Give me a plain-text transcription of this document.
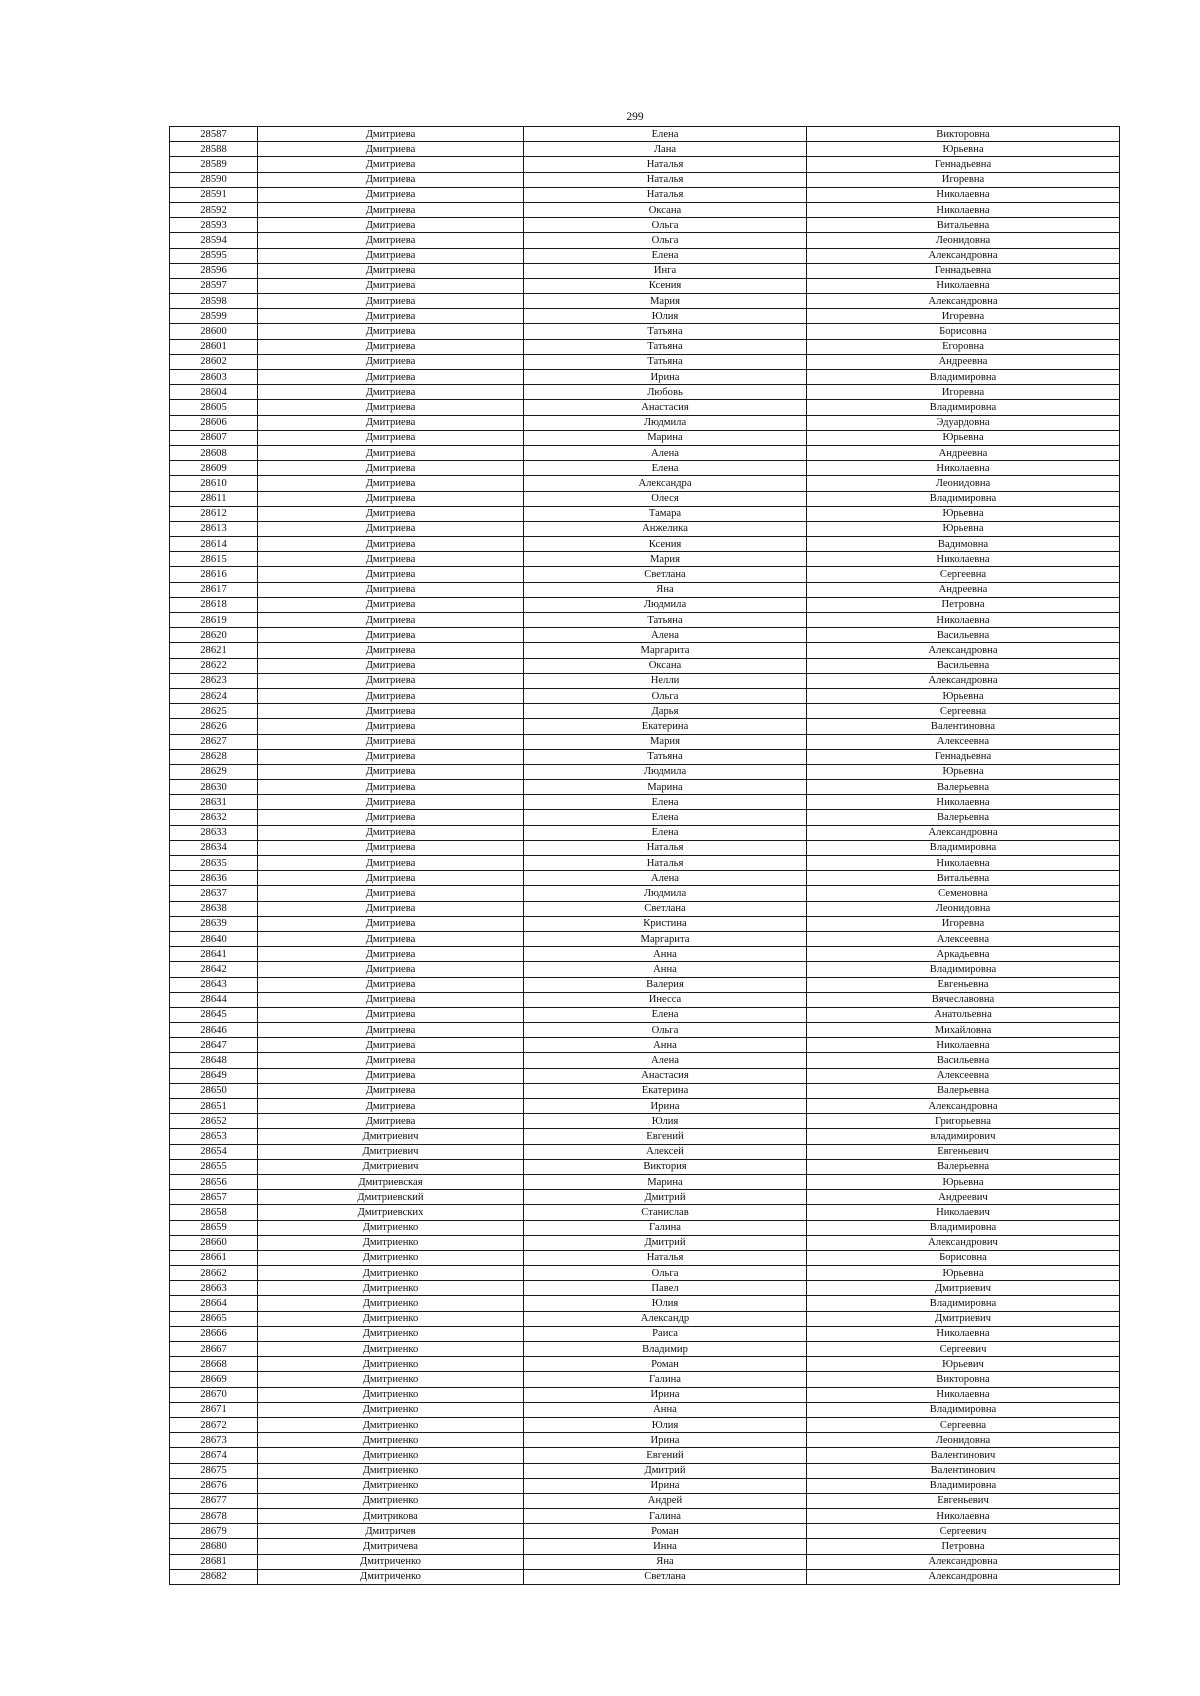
299
28587	Дмитриева	Елена	Викторовна
28588	Дмитриева	Лана	Юрьевна
28589	Дмитриева	Наталья	Геннадьевна
28590	Дмитриева	Наталья	Игоревна
28591	Дмитриева	Наталья	Николаевна
28592	Дмитриева	Оксана	Николаевна
28593	Дмитриева	Ольга	Витальевна
28594	Дмитриева	Ольга	Леонидовна
28595	Дмитриева	Елена	Александровна
28596	Дмитриева	Инга	Геннадьевна
28597	Дмитриева	Ксения	Николаевна
28598	Дмитриева	Мария	Александровна
28599	Дмитриева	Юлия	Игоревна
28600	Дмитриева	Татьяна	Борисовна
28601	Дмитриева	Татьяна	Егоровна
28602	Дмитриева	Татьяна	Андреевна
28603	Дмитриева	Ирина	Владимировна
28604	Дмитриева	Любовь	Игоревна
28605	Дмитриева	Анастасия	Владимировна
28606	Дмитриева	Людмила	Эдуардовна
28607	Дмитриева	Марина	Юрьевна
28608	Дмитриева	Алена	Андреевна
28609	Дмитриева	Елена	Николаевна
28610	Дмитриева	Александра	Леонидовна
28611	Дмитриева	Олеся	Владимировна
28612	Дмитриева	Тамара	Юрьевна
28613	Дмитриева	Анжелика	Юрьевна
28614	Дмитриева	Ксения	Вадимовна
28615	Дмитриева	Мария	Николаевна
28616	Дмитриева	Светлана	Сергеевна
28617	Дмитриева	Яна	Андреевна
28618	Дмитриева	Людмила	Петровна
28619	Дмитриева	Татьяна	Николаевна
28620	Дмитриева	Алена	Васильевна
28621	Дмитриева	Маргарита	Александровна
28622	Дмитриева	Оксана	Васильевна
28623	Дмитриева	Нелли	Александровна
28624	Дмитриева	Ольга	Юрьевна
28625	Дмитриева	Дарья	Сергеевна
28626	Дмитриева	Екатерина	Валентиновна
28627	Дмитриева	Мария	Алексеевна
28628	Дмитриева	Татьяна	Геннадьевна
28629	Дмитриева	Людмила	Юрьевна
28630	Дмитриева	Марина	Валерьевна
28631	Дмитриева	Елена	Николаевна
28632	Дмитриева	Елена	Валерьевна
28633	Дмитриева	Елена	Александровна
28634	Дмитриева	Наталья	Владимировна
28635	Дмитриева	Наталья	Николаевна
28636	Дмитриева	Алена	Витальевна
28637	Дмитриева	Людмила	Семеновна
28638	Дмитриева	Светлана	Леонидовна
28639	Дмитриева	Кристина	Игоревна
28640	Дмитриева	Маргарита	Алексеевна
28641	Дмитриева	Анна	Аркадьевна
28642	Дмитриева	Анна	Владимировна
28643	Дмитриева	Валерия	Евгеньевна
28644	Дмитриева	Инесса	Вячеславовна
28645	Дмитриева	Елена	Анатольевна
28646	Дмитриева	Ольга	Михайловна
28647	Дмитриева	Анна	Николаевна
28648	Дмитриева	Алена	Васильевна
28649	Дмитриева	Анастасия	Алексеевна
28650	Дмитриева	Екатерина	Валерьевна
28651	Дмитриева	Ирина	Александровна
28652	Дмитриева	Юлия	Григорьевна
28653	Дмитриевич	Евгений	владимирович
28654	Дмитриевич	Алексей	Евгеньевич
28655	Дмитриевич	Виктория	Валерьевна
28656	Дмитриевская	Марина	Юрьевна
28657	Дмитриевский	Дмитрий	Андреевич
28658	Дмитриевских	Станислав	Николаевич
28659	Дмитриенко	Галина	Владимировна
28660	Дмитриенко	Дмитрий	Александрович
28661	Дмитриенко	Наталья	Борисовна
28662	Дмитриенко	Ольга	Юрьевна
28663	Дмитриенко	Павел	Дмитриевич
28664	Дмитриенко	Юлия	Владимировна
28665	Дмитриенко	Александр	Дмитриевич
28666	Дмитриенко	Раиса	Николаевна
28667	Дмитриенко	Владимир	Сергеевич
28668	Дмитриенко	Роман	Юрьевич
28669	Дмитриенко	Галина	Викторовна
28670	Дмитриенко	Ирина	Николаевна
28671	Дмитриенко	Анна	Владимировна
28672	Дмитриенко	Юлия	Сергеевна
28673	Дмитриенко	Ирина	Леонидовна
28674	Дмитриенко	Евгений	Валентинович
28675	Дмитриенко	Дмитрий	Валентинович
28676	Дмитриенко	Ирина	Владимировна
28677	Дмитриенко	Андрей	Евгеньевич
28678	Дмитрикова	Галина	Николаевна
28679	Дмитричев	Роман	Сергеевич
28680	Дмитричева	Инна	Петровна
28681	Дмитриченко	Яна	Александровна
28682	Дмитриченко	Светлана	Александровна
